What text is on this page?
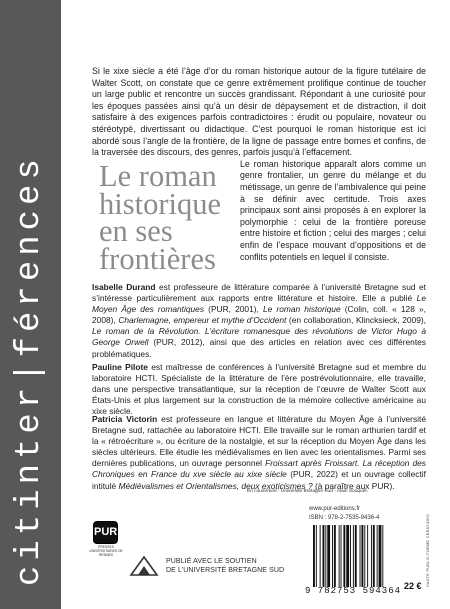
citinter|férences

Si le xixe siècle a été l’âge d’or du roman historique autour de la figure tutélaire de Walter Scott, on constate que ce genre extrêmement prolifique continue de toucher un large public et rencontre un succès grandissant. Répondant à une curiosité pour les époques passées ainsi qu’à un désir de dépaysement et de distraction, il doit satisfaire à des exigences parfois contradictoires : érudit ou populaire, novateur ou stéréotypé, divertissant ou didactique. C’est pourquoi le roman historique est ici abordé sous l’angle de la frontière, de la ligne de passage entre bornes et confins, de la traversée des discours, des genres, parfois jusqu’à l’effacement.

Le roman historique apparaît alors comme un genre frontalier, un genre du mélange et du métissage, un genre de l’ambivalence qui peine à se définir avec certitude. Trois axes principaux sont ainsi proposés à en explorer la polymorphie : celui de la frontière poreuse entre histoire et fiction ; celui des marges ; celui enfin de l’espace mouvant d’oppositions et de conflits potentiels en lequel il consiste.

Le roman
historique
en ses
frontières
Isabelle Durand est professeure de littérature comparée à l’université Bretagne sud et s’intéresse particulièrement aux rapports entre littérature et histoire. Elle a publié Le Moyen Âge des romantiques (PUR, 2001), Le roman historique (Colin, coll. « 128 », 2008), Charlemagne, empereur et mythe d’Occident (en collaboration, Klincksieck, 2009), Le roman de la Révolution. L’écriture romanesque des révolutions de Victor Hugo à George Orwell (PUR, 2012), ainsi que des articles en relation avec ces différentes problématiques.
Pauline Pilote est maîtresse de conférences à l’université Bretagne sud et membre du laboratoire HCTI. Spécialiste de la littérature de l’ère postrévolutionnaire, elle travaille, dans une perspective transatlantique, sur la réception de l’œuvre de Walter Scott aux États-Unis et plus largement sur la construction de la mémoire collective américaine au xixe siècle.
Patricia Victorin est professeure en langue et littérature du Moyen Âge à l’université Bretagne sud, rattachée au laboratoire HCTI. Elle travaille sur le roman arthurien tardif et la « rétroécriture », ou écriture de la nostalgie, et sur la réception du Moyen Âge dans les siècles ultérieurs. Elle étudie les médiévalismes en lien avec les orientalismes. Parmi ses dernières publications, un ouvrage personnel Froissart après Froissart. La réception des Chroniques en France du xve siècle au xixe siècle (PUR, 2022) et un ouvrage collectif intitulé Médiévalismes et Orientalismes, deux exoticismes ? (à paraître aux PUR).
En couverture : Université Bretagne Sud - Alain Souquet.
www.pur-editions.fr
ISBN : 978-2-7535-9436-4
PUR
PRESSES UNIVERSITAIRES DE RENNES
PUBLIÉ AVEC LE SOUTIEN
DE L’UNIVERSITÉ BRETAGNE SUD
9 782753 594364 22 € HAUTE PUBLIC FORME CRÉATIONS
